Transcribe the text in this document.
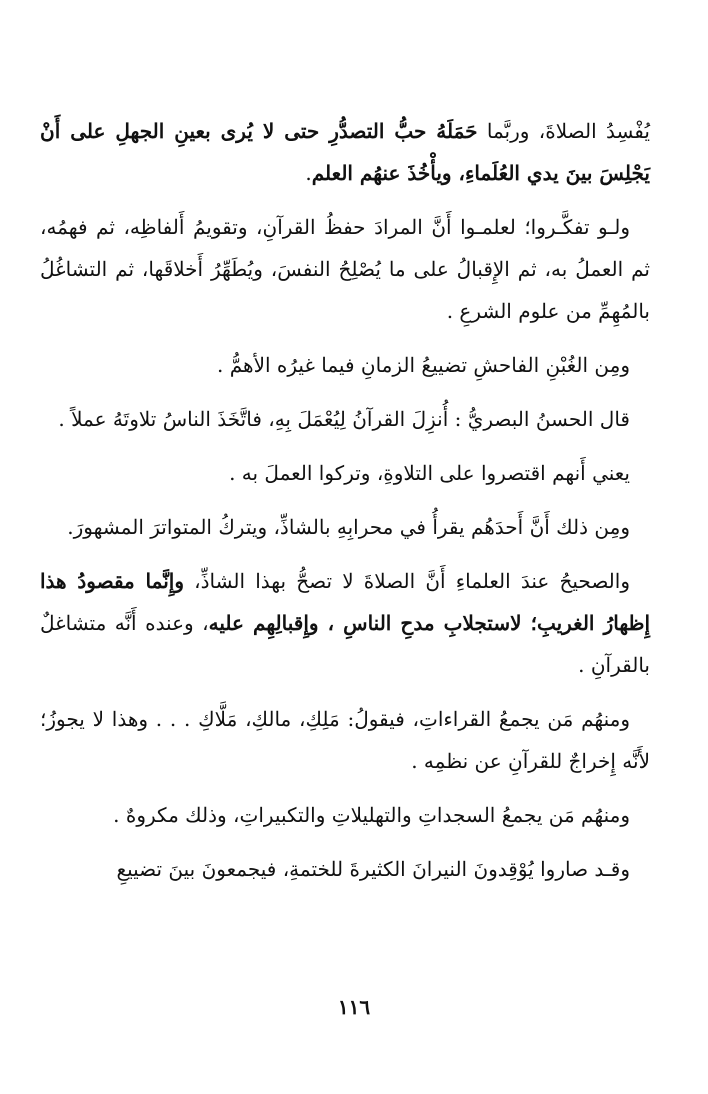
يُفْسِدُ الصلاةَ، وربَّما حَمَلَهُ حبُّ التصدُّرِ حتى لا يُرى بعينِ الجهلِ على أَنْ يَجْلِسَ بينَ يدي العُلَماءِ، ويأْخُذَ عنهُم العلم.

ولـو تفكَّـروا؛ لعلمـوا أَنَّ المرادَ حفظُ القرآنِ، وتقويمُ أَلفاظِه، ثم فهمُه، ثم العملُ به، ثم الإِقبالُ على ما يُصْلِحُ النفسَ، ويُطَهِّرُ أَخلاقَها، ثم التشاغُلُ بالمُهِمِّ من علوم الشرعِ .

ومِن الغُبْنِ الفاحشِ تضييعُ الزمانِ فيما غيرُه الأهمُّ .

قال الحسنُ البصريُّ : أُنزِلَ القرآنُ لِيُعْمَلَ بِهِ، فاتَّخَذَ الناسُ تلاوتَهُ عملاً .

يعني أَنهم اقتصروا على التلاوةِ، وتركوا العملَ به .

ومِن ذلك أَنَّ أَحدَهُم يقرأُ في محرابِهِ بالشاذِّ، ويتركُ المتواترَ المشهورَ.

والصحيحُ عندَ العلماءِ أَنَّ الصلاةَ لا تصحُّ بهذا الشاذِّ، وإِنَّما مقصودُ هذا إِظهارُ الغريبِ؛ لاستجلابِ مدحِ الناسِ ، وإِقبالِهِم عليه، وعنده أَنَّه متشاغلٌ بالقرآنِ .

ومنهُم مَن يجمعُ القراءاتِ، فيقولُ: مَلِكِ، مالكِ، مَلَّاكِ . . . وهذا لا يجوزُ؛ لأَنَّه إِخراجٌ للقرآنِ عن نظمِه .

ومنهُم مَن يجمعُ السجداتِ والتهليلاتِ والتكبيراتِ، وذلك مكروهٌ .

وقـد صاروا يُوْقِدونَ النيرانَ الكثيرةَ للختمةِ، فيجمعونَ بينَ تضييعِ

١١٦
